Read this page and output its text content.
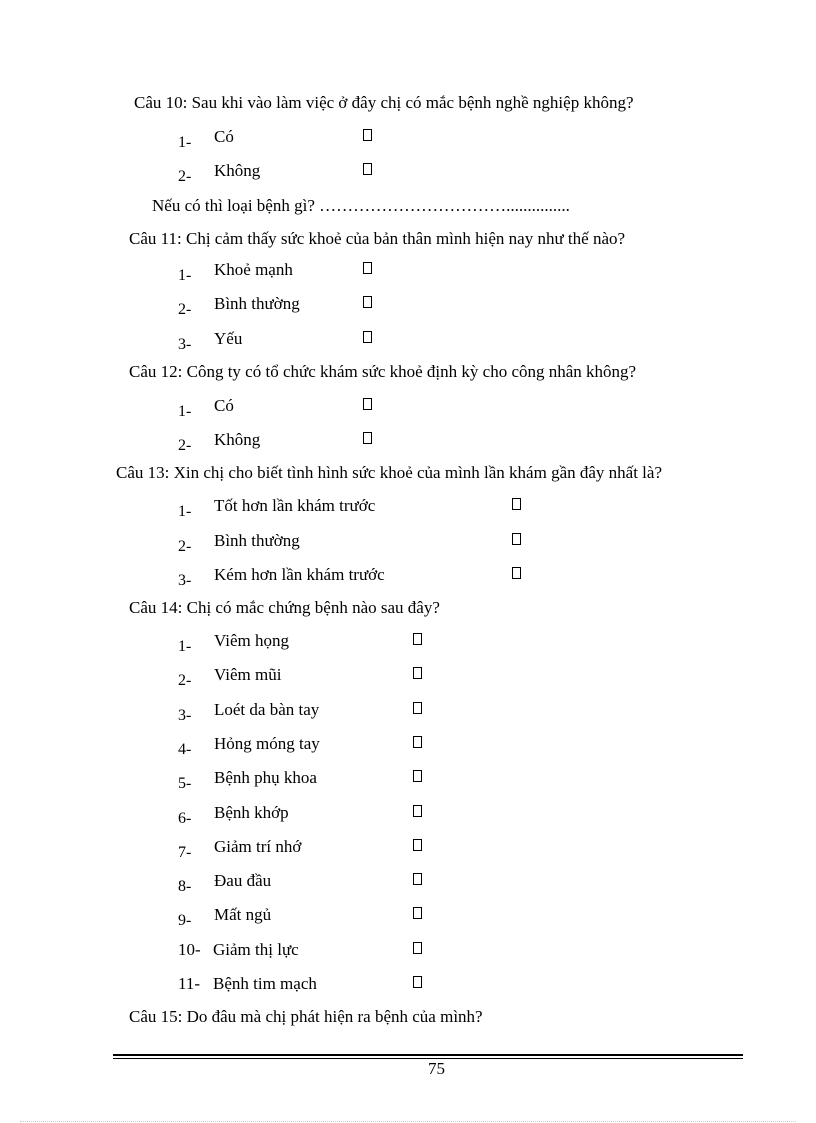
Câu 10: Sau khi vào làm việc ở đây chị có mắc bệnh nghề nghiệp không?
1- Có
2- Không
Nếu có thì loại bệnh gì? ……………………………...............
Câu 11: Chị cảm thấy sức khoẻ của bản thân mình hiện nay như thế nào?
1- Khoẻ mạnh
2- Bình thường
3- Yếu
Câu 12: Công ty có tổ chức khám sức khoẻ định kỳ cho công nhân không?
1- Có
2- Không
Câu 13: Xin chị cho biết tình hình sức khoẻ của mình lần khám gần đây nhất là?
1- Tốt hơn lần khám trước
2- Bình thường
3- Kém hơn lần khám trước
Câu 14: Chị có mắc chứng bệnh nào sau đây?
1- Viêm họng
2- Viêm mũi
3- Loét da bàn tay
4- Hỏng móng tay
5- Bệnh phụ khoa
6- Bệnh khớp
7- Giảm trí nhớ
8- Đau đầu
9- Mất ngủ
10- Giảm thị lực
11- Bệnh tim mạch
Câu 15: Do đâu mà chị phát hiện ra bệnh của mình?
75
